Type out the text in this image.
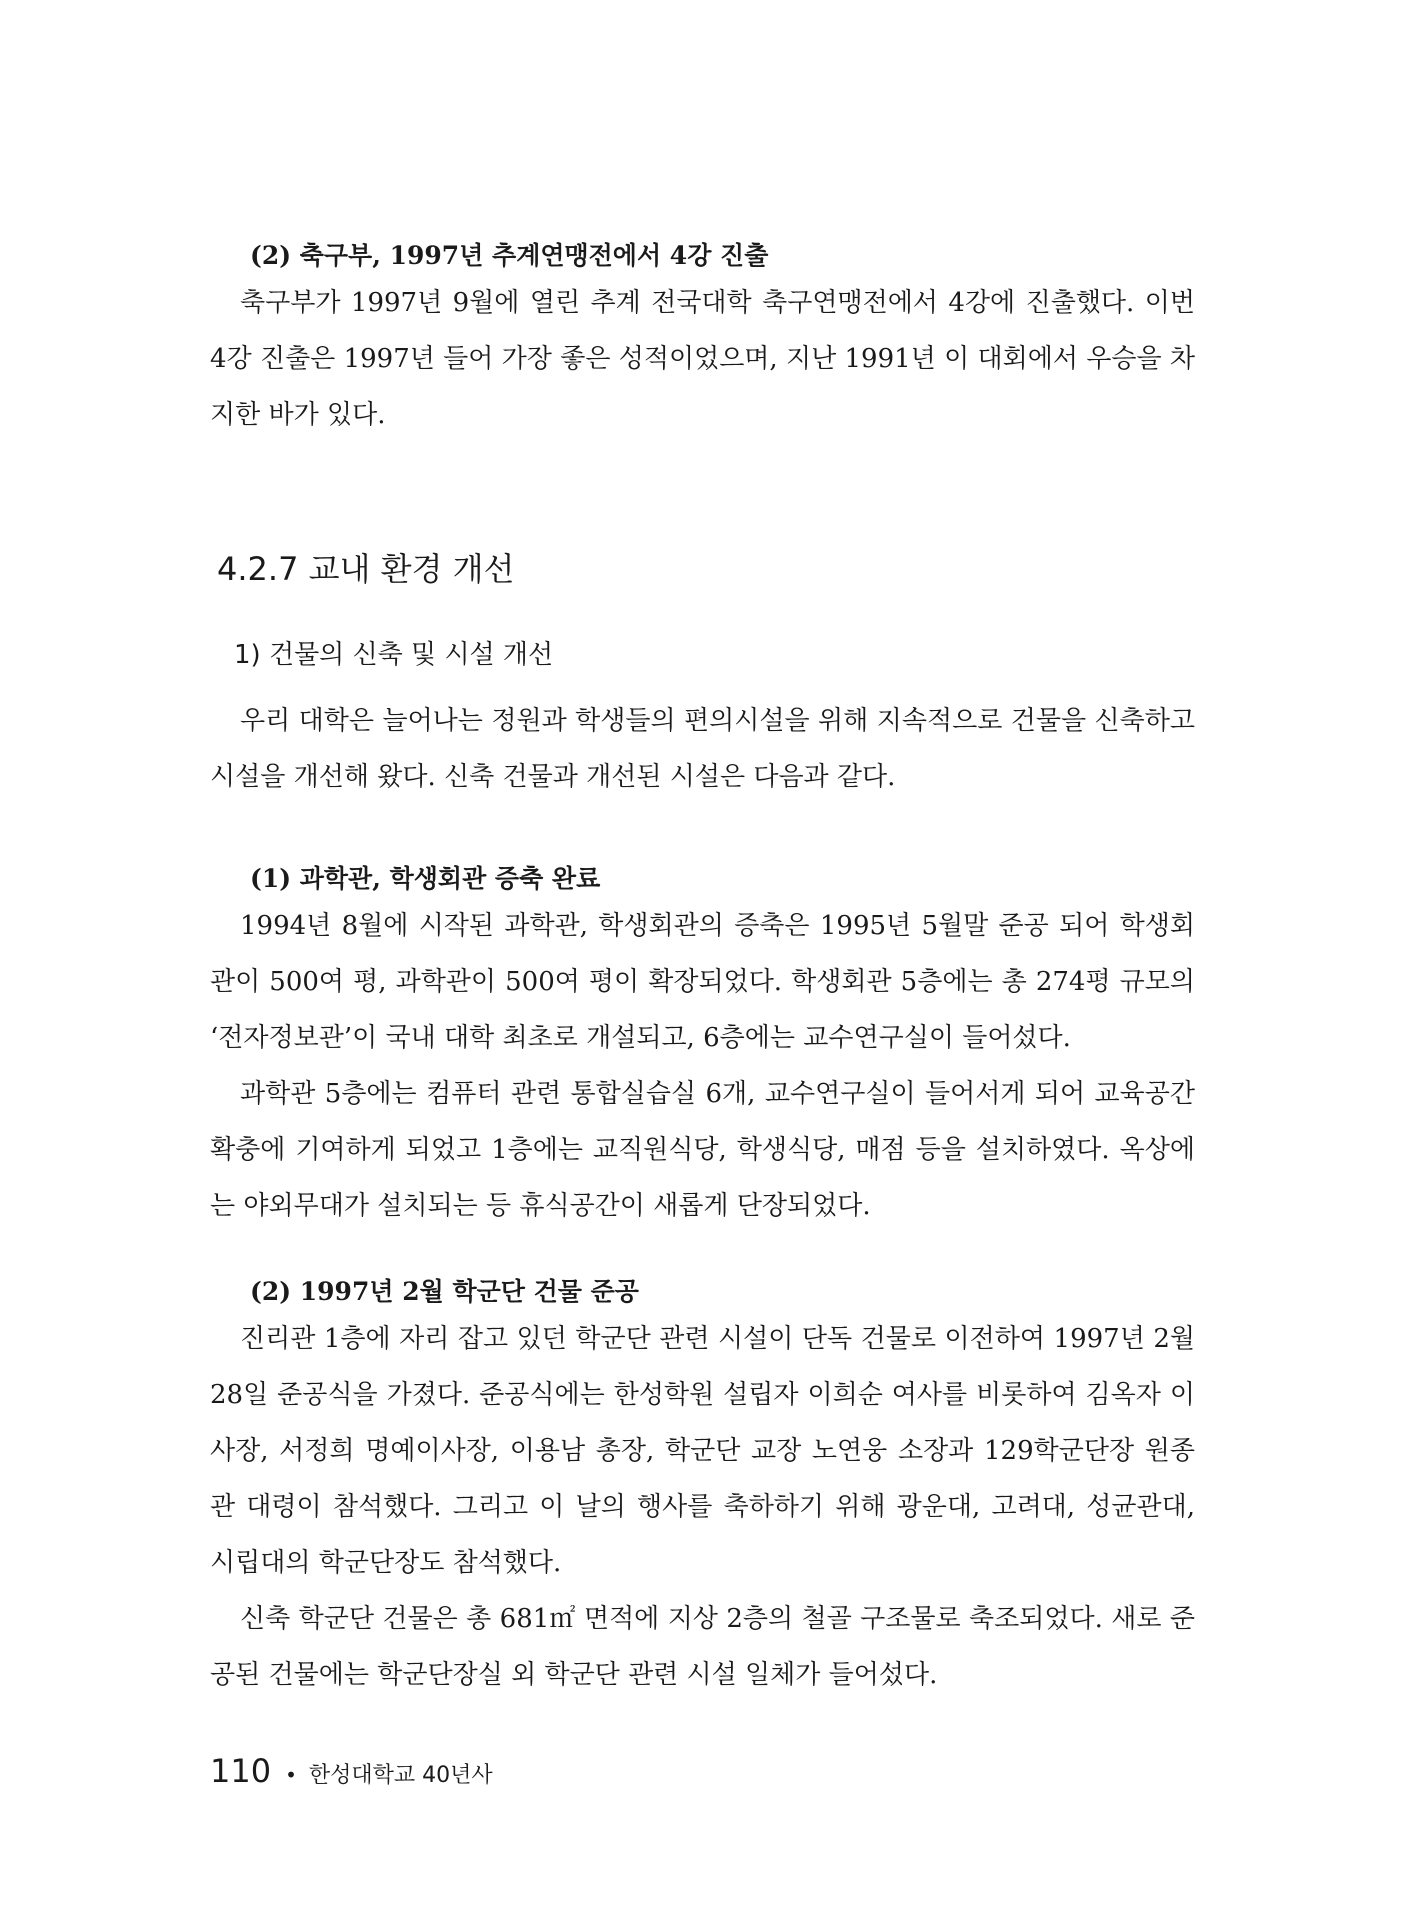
(2) 축구부, 1997년 추계연맹전에서 4강 진출

축구부가 1997년 9월에 열린 추계 전국대학 축구연맹전에서 4강에 진출했다. 이번 4강 진출은 1997년 들어 가장 좋은 성적이었으며, 지난 1991년 이 대회에서 우승을 차지한 바가 있다.

4.2.7 교내 환경 개선
1) 건물의 신축 및 시설 개선

우리 대학은 늘어나는 정원과 학생들의 편의시설을 위해 지속적으로 건물을 신축하고 시설을 개선해 왔다. 신축 건물과 개선된 시설은 다음과 같다.

(1) 과학관, 학생회관 증축 완료

1994년 8월에 시작된 과학관, 학생회관의 증축은 1995년 5월말 준공 되어 학생회관이 500여 평, 과학관이 500여 평이 확장되었다. 학생회관 5층에는 총 274평 규모의 ‘전자정보관’이 국내 대학 최초로 개설되고, 6층에는 교수연구실이 들어섰다.

과학관 5층에는 컴퓨터 관련 통합실습실 6개, 교수연구실이 들어서게 되어 교육공간 확충에 기여하게 되었고 1층에는 교직원식당, 학생식당, 매점 등을 설치하였다. 옥상에는 야외무대가 설치되는 등 휴식공간이 새롭게 단장되었다.

(2) 1997년 2월 학군단 건물 준공

진리관 1층에 자리 잡고 있던 학군단 관련 시설이 단독 건물로 이전하여 1997년 2월 28일 준공식을 가졌다. 준공식에는 한성학원 설립자 이희순 여사를 비롯하여 김옥자 이사장, 서정희 명예이사장, 이용남 총장, 학군단 교장 노연웅 소장과 129학군단장 원종관 대령이 참석했다. 그리고 이 날의 행사를 축하하기 위해 광운대, 고려대, 성균관대, 시립대의 학군단장도 참석했다.

신축 학군단 건물은 총 681㎡ 면적에 지상 2층의 철골 구조물로 축조되었다. 새로 준공된 건물에는 학군단장실 외 학군단 관련 시설 일체가 들어섰다.

110 • 한성대학교 40년사
